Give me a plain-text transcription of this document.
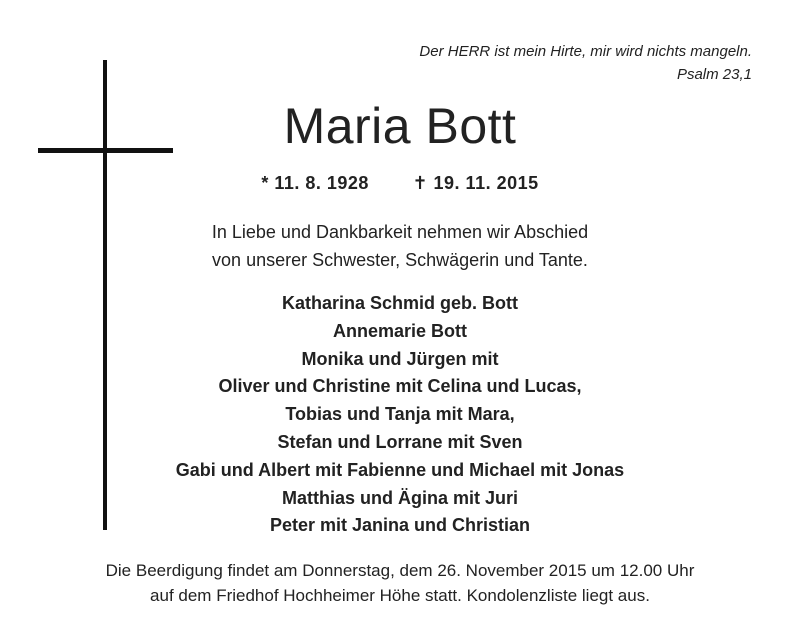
Der HERR ist mein Hirte, mir wird nichts mangeln.
Psalm 23,1
Maria Bott
* 11. 8. 1928 ✝ 19. 11. 2015
In Liebe und Dankbarkeit nehmen wir Abschied
von unserer Schwester, Schwägerin und Tante.
Katharina Schmid geb. Bott
Annemarie Bott
Monika und Jürgen mit
Oliver und Christine mit Celina und Lucas,
Tobias und Tanja mit Mara,
Stefan und Lorrane mit Sven
Gabi und Albert mit Fabienne und Michael mit Jonas
Matthias und Ägina mit Juri
Peter mit Janina und Christian
Die Beerdigung findet am Donnerstag, dem 26. November 2015 um 12.00 Uhr
auf dem Friedhof Hochheimer Höhe statt. Kondolenzliste liegt aus.
